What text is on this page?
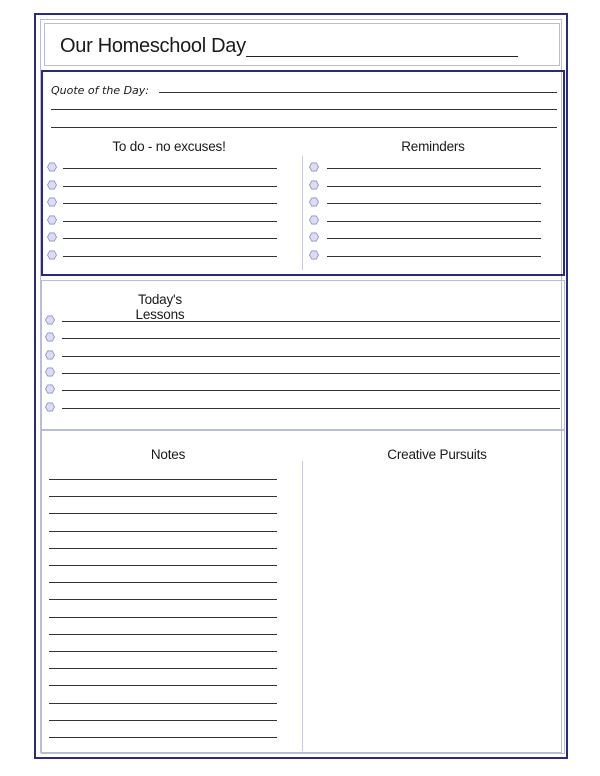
Our Homeschool Day
Quote of the Day:
To do - no excuses!	Reminders
Today's Lessons
Notes	Creative Pursuits
